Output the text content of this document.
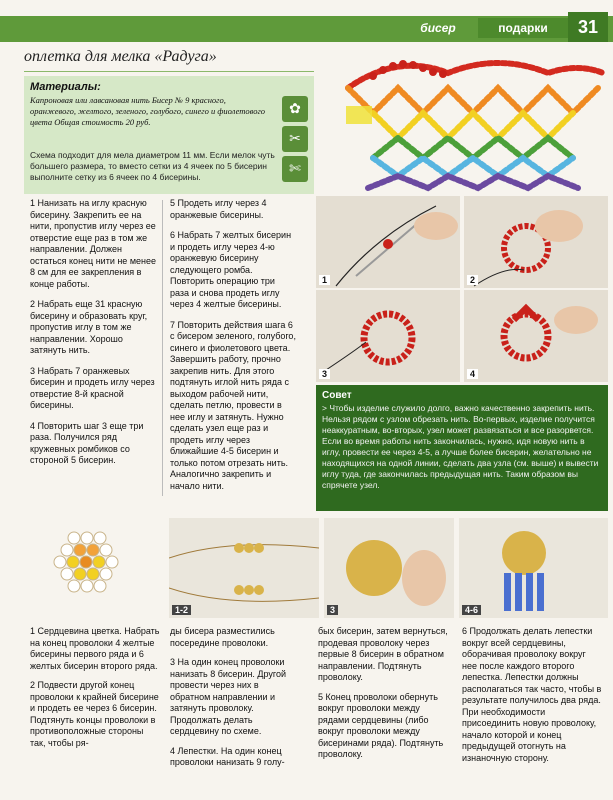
бисер	подарки	31
оплетка для мелка «Радуга»
Материалы:
Капроновая или лавсановая нить Бисер № 9 красного, оранжевого, желтого, зеленого, голубого, синего и фиолетового цвета Общая стоимость 20 руб.
✿
✂
✄
Схема подходит для мела диаметром 11 мм. Если мелок чуть большего размера, то вместо сетки из 4 ячеек по 5 бисерин выполните сетку из 6 ячеек по 4 бисерины.

1 Нанизать на иглу красную бисерину. Закрепить ее на нити, пропустив иглу через ее отверстие еще раз в том же направлении. Должен остаться конец нити не менее 8 см для ее закрепления в конце работы.

2 Набрать еще 31 красную бисерину и образовать круг, пропустив иглу в том же направлении. Хорошо затянуть нить.

3 Набрать 7 оранжевых бисерин и продеть иглу через отверстие 8-й красной бисерины.

4 Повторить шаг 3 еще три раза. Получился ряд кружевных ромбиков со стороной 5 бисерин.

5 Продеть иглу через 4 оранжевые бисерины.

6 Набрать 7 желтых бисерин и продеть иглу через 4-ю оранжевую бисерину следующего ромба. Повторить операцию три раза и снова продеть иглу через 4 желтые бисерины.

7 Повторить действия шага 6 с бисером зеленого, голубого, синего и фиолетового цвета. Завершить работу, прочно закрепив нить. Для этого подтянуть иглой нить ряда с выходом рабочей нити, сделать петлю, провести в нее иглу и затянуть. Нужно сделать узел еще раз и продеть иглу через ближайшие 4-5 бисерин и только потом отрезать нить. Аналогично закрепить и начало нити.

1	2
3	4
Совет
> Чтобы изделие служило долго, важно качественно закрепить нить. Нельзя рядом с узлом обрезать нить. Во-первых, изделие получится неаккуратным, во-вторых, узел может развязаться и все разорвется. Если во время работы нить закончилась, нужно, идя новую нить в иглу, провести ее через 4-5, а лучше более бисерин, желательно не находящихся на одной линии, сделать два узла (см. выше) и вывести иглу туда, где закончилась предыдущая нить. Таким образом вы спрячете узел.
1-2	3	4-6

1 Сердцевина цветка. Набрать на конец проволоки 4 желтые бисерины первого ряда и 6 желтых бисерин второго ряда.

2 Подвести другой конец проволоки к крайней бисерине и продеть ее через 6 бисерин. Подтянуть концы проволоки в противоположные стороны так, чтобы ря-

ды бисера разместились посередине проволоки.

3 На один конец проволоки нанизать 8 бисерин. Другой провести через них в обратном направлении и затянуть проволоку. Продолжать делать сердцевину по схеме.

4 Лепестки. На один конец проволоки нанизать 9 голу-

бых бисерин, затем вернуться, продевая проволоку через первые 8 бисерин в обратном направлении. Подтянуть проволоку.

5 Конец проволоки обернуть вокруг проволоки между рядами сердцевины (либо вокруг проволоки между бисеринами ряда). Подтянуть проволоку.

6 Продолжать делать лепестки вокруг всей сердцевины, оборачивая проволоку вокруг нее после каждого второго лепестка. Лепестки должны располагаться так часто, чтобы в результате получилось два ряда. При необходимости присоединить новую проволоку, начало которой и конец предыдущей отогнуть на изнаночную сторону.
